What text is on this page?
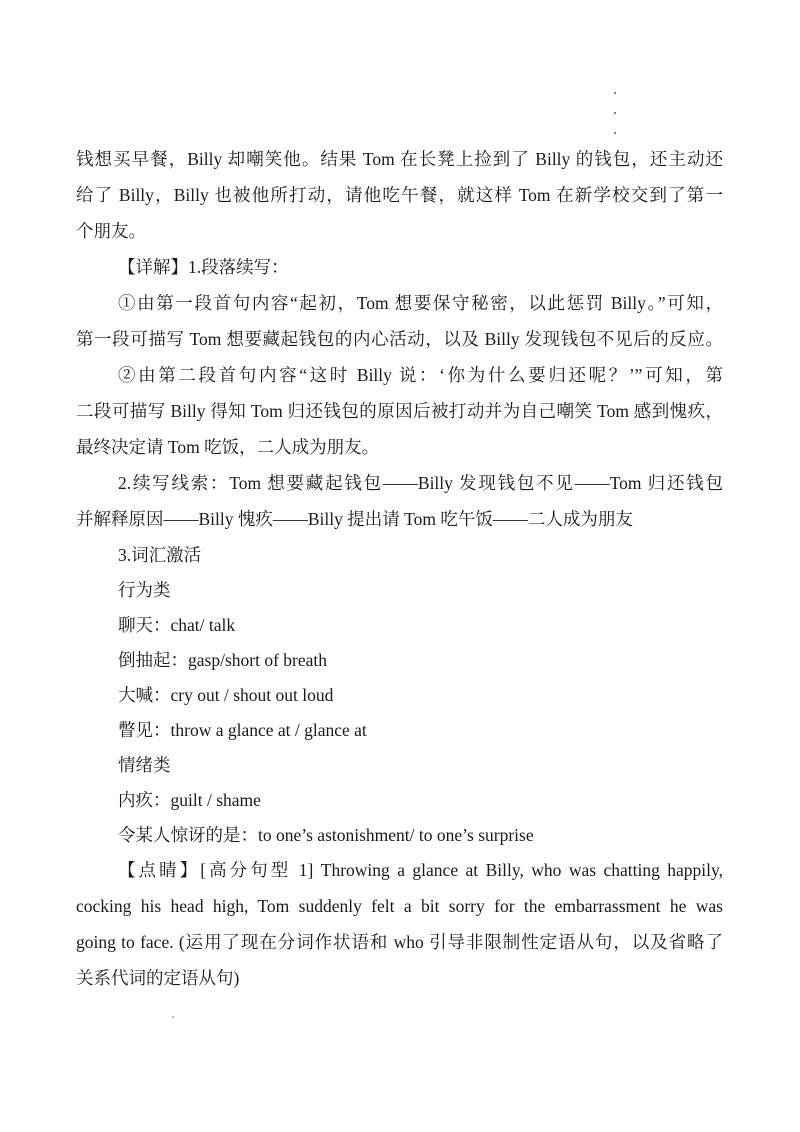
钱想买早餐，Billy 却嘲笑他。结果 Tom 在长凳上捡到了 Billy 的钱包，还主动还
给了 Billy，Billy 也被他所打动，请他吃午餐，就这样 Tom 在新学校交到了第一
个朋友。
【详解】1.段落续写：
①由第一段首句内容“起初，Tom 想要保守秘密，以此惩罚 Billy。”可知，
第一段可描写 Tom 想要藏起钱包的内心活动，以及 Billy 发现钱包不见后的反应。
②由第二段首句内容“这时 Billy 说：‘你为什么要归还呢？’”可知，第
二段可描写 Billy 得知 Tom 归还钱包的原因后被打动并为自己嘲笑 Tom 感到愧疚，
最终决定请 Tom 吃饭，二人成为朋友。
2.续写线索：Tom 想要藏起钱包——Billy 发现钱包不见——Tom 归还钱包
并解释原因——Billy 愧疚——Billy 提出请 Tom 吃午饭——二人成为朋友
3.词汇激活
行为类
聊天：chat/ talk
倒抽起：gasp/short of breath
大喊：cry out / shout out loud
瞥见：throw a glance at / glance at
情绪类
内疚：guilt / shame
令某人惊讶的是：to one’s astonishment/ to one’s surprise
【点睛】[高分句型 1] Throwing a glance at Billy, who was chatting happily,
cocking his head high, Tom suddenly felt a bit sorry for the embarrassment he was
going to face. (运用了现在分词作状语和 who 引导非限制性定语从句，以及省略了
关系代词的定语从句)
